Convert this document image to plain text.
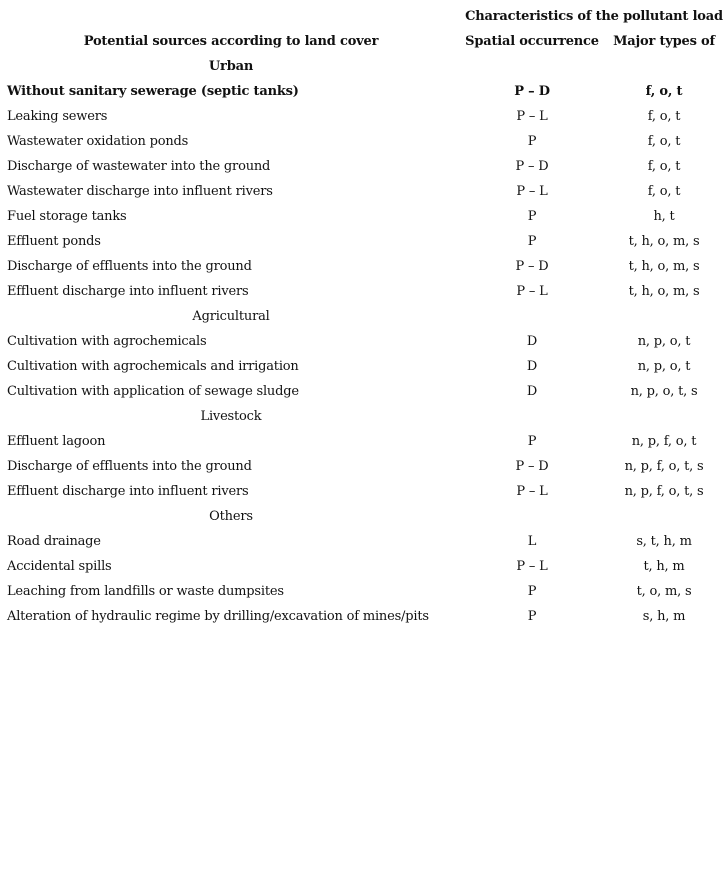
	Characteristics of the pollutant load	
Potential sources according to land cover	Spatial occurrence	Major types of
Urban		
Without sanitary sewerage (septic tanks)	P – D	f, o, t
Leaking sewers	P – L	f, o, t
Wastewater oxidation ponds	P	f, o, t
Discharge of wastewater into the ground	P – D	f, o, t
Wastewater discharge into influent rivers	P – L	f, o, t
Fuel storage tanks	P	h, t
Effluent ponds	P	t, h, o, m, s
Discharge of effluents into the ground	P – D	t, h, o, m, s
Effluent discharge into influent rivers	P – L	t, h, o, m, s
Agricultural		
Cultivation with agrochemicals	D	n, p, o, t
Cultivation with agrochemicals and irrigation	D	n, p, o, t
Cultivation with application of sewage sludge	D	n, p, o, t, s
Livestock		
Effluent lagoon	P	n, p, f, o, t
Discharge of effluents into the ground	P – D	n, p, f, o, t, s
Effluent discharge into influent rivers	P – L	n, p, f, o, t, s
Others		
Road drainage	L	s, t, h, m
Accidental spills	P – L	t, h, m
Leaching from landfills or waste dumpsites	P	t, o, m, s
Alteration of hydraulic regime by drilling/excavation of mines/pits	P	s, h, m
